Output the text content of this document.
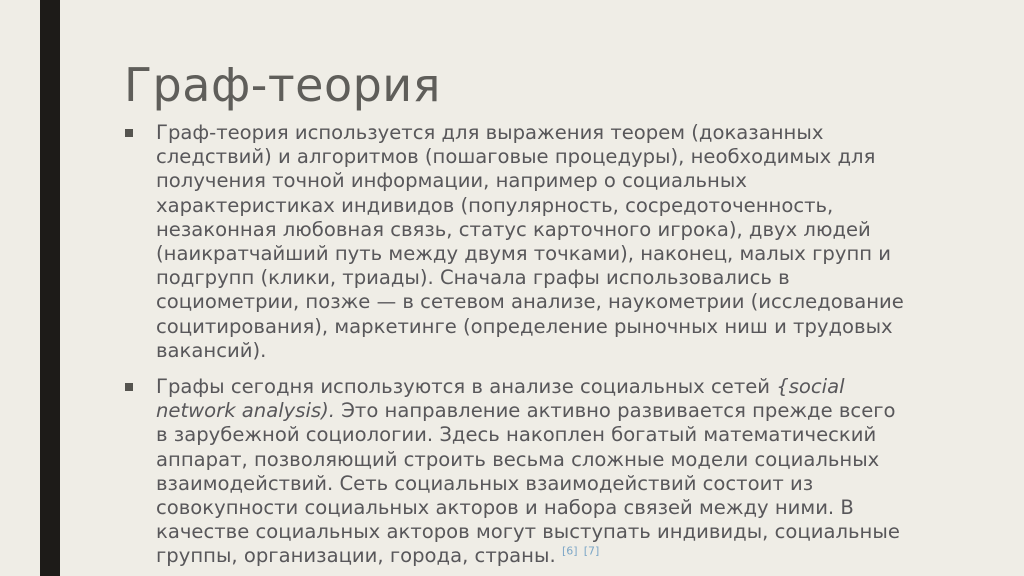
Граф-теория
Граф-теория используется для выражения теорем (доказанных следствий) и алгоритмов (пошаговые процедуры), необходимых для получения точной информации, например о социальных характеристиках индивидов (популярность, сосредоточенность, незаконная любовная связь, статус карточного игрока), двух людей (наикратчайший путь между двумя точками), наконец, малых групп и подгрупп (клики, триады). Сначала графы использовались в социометрии, позже — в сетевом анализе, наукометрии (исследование социтирования), маркетинге (определение рыночных ниш и трудовых вакансий).
Графы сегодня используются в анализе социальных сетей {social network analysis). Это направление активно развивается прежде всего в зарубежной социологии. Здесь накоплен богатый математический аппарат, позволяющий строить весьма сложные модели социальных взаимодействий. Сеть социальных взаимодействий состоит из совокупности социальных акторов и набора связей между ними. В качестве социальных акторов могут выступать индивиды, социальные группы, организации, города, страны. [6] [7]
